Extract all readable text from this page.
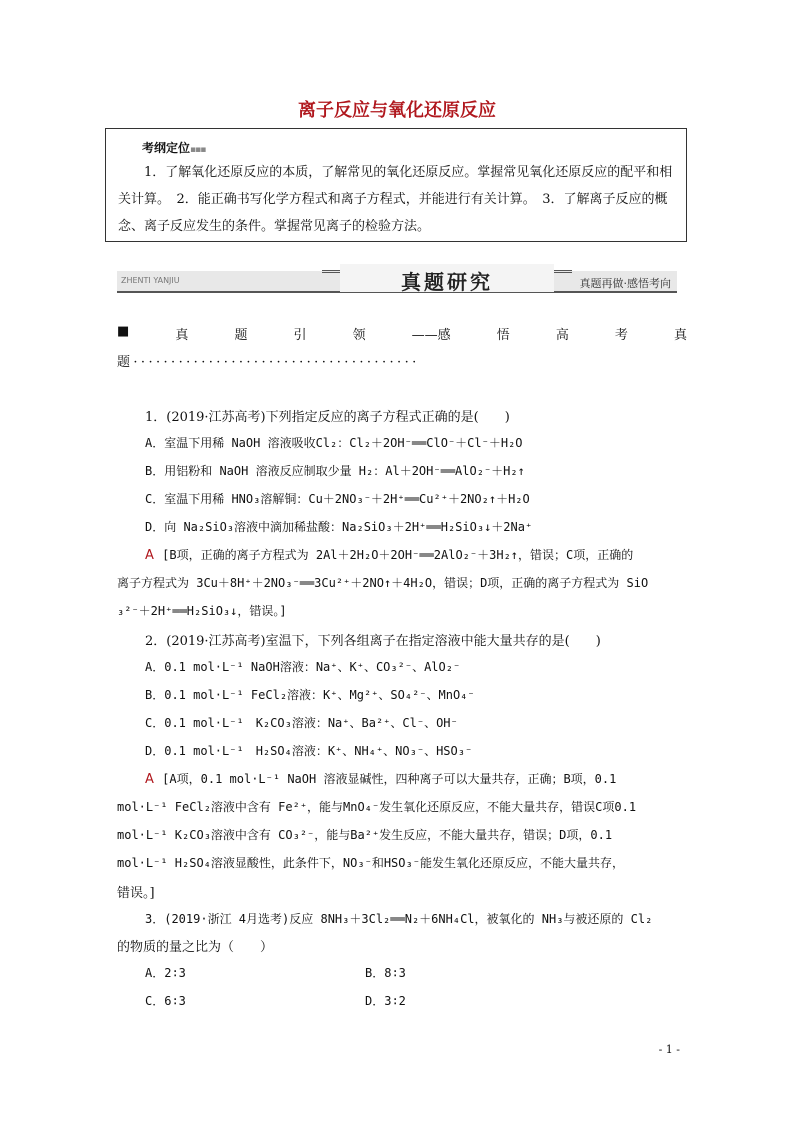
离子反应与氧化还原反应
考纲定位▪▪▪
1．了解氧化还原反应的本质，了解常见的氧化还原反应。掌握常见氧化还原反应的配平和相关计算。　2．能正确书写化学方程式和离子方程式，并能进行有关计算。　3．了解离子反应的概念、离子反应发生的条件。掌握常见离子的检验方法。
ZHENTI YANJIU	真题研究	真题再做·感悟考向
■	真	题	引	领	——感	悟	高	考	真
题······································
1．(2019·江苏高考)下列指定反应的离子方程式正确的是(　　)
A．室温下用稀 NaOH 溶液吸收Cl₂：Cl₂＋2OH⁻══ClO⁻＋Cl⁻＋H₂O
B．用铝粉和 NaOH 溶液反应制取少量 H₂：Al＋2OH⁻══AlO₂⁻＋H₂↑
C．室温下用稀 HNO₃溶解铜：Cu＋2NO₃⁻＋2H⁺══Cu²⁺＋2NO₂↑＋H₂O
D．向 Na₂SiO₃溶液中滴加稀盐酸：Na₂SiO₃＋2H⁺══H₂SiO₃↓＋2Na⁺
A [B项，正确的离子方程式为 2Al＋2H₂O＋2OH⁻══2AlO₂⁻＋3H₂↑，错误；C项，正确的
离子方程式为 3Cu＋8H⁺＋2NO₃⁻══3Cu²⁺＋2NO↑＋4H₂O，错误；D项，正确的离子方程式为 SiO
₃²⁻＋2H⁺══H₂SiO₃↓，错误。]
2．(2019·江苏高考)室温下，下列各组离子在指定溶液中能大量共存的是(　　)
A．0.1 mol·L⁻¹ NaOH溶液：Na⁺、K⁺、CO₃²⁻、AlO₂⁻
B．0.1 mol·L⁻¹ FeCl₂溶液：K⁺、Mg²⁺、SO₄²⁻、MnO₄⁻
C．0.1 mol·L⁻¹　K₂CO₃溶液：Na⁺、Ba²⁺、Cl⁻、OH⁻
D．0.1 mol·L⁻¹　H₂SO₄溶液：K⁺、NH₄⁺、NO₃⁻、HSO₃⁻
A [A项，0.1 mol·L⁻¹ NaOH 溶液显碱性，四种离子可以大量共存，正确；B项，0.1
mol·L⁻¹ FeCl₂溶液中含有 Fe²⁺，能与MnO₄⁻发生氧化还原反应，不能大量共存，错误C项0.1
mol·L⁻¹ K₂CO₃溶液中含有 CO₃²⁻，能与Ba²⁺发生反应，不能大量共存，错误；D项，0.1
mol·L⁻¹ H₂SO₄溶液显酸性，此条件下，NO₃⁻和HSO₃⁻能发生氧化还原反应，不能大量共存，
错误。]
3．(2019·浙江 4月选考)反应 8NH₃＋3Cl₂══N₂＋6NH₄Cl，被氧化的 NH₃与被还原的 Cl₂
的物质的量之比为（　　）
A．2∶3	B．8∶3
C．6∶3	D．3∶2
- 1 -
